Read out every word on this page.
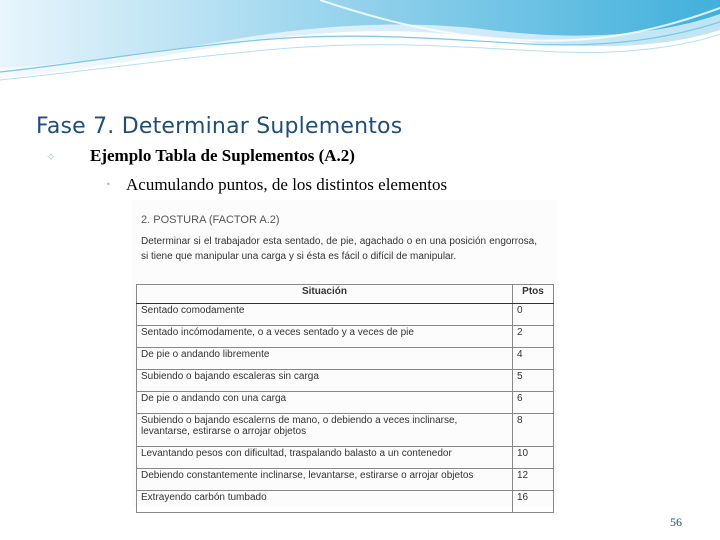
Fase 7. Determinar Suplementos
✧ Ejemplo Tabla de Suplementos (A.2)
• Acumulando puntos, de los distintos elementos
2. POSTURA (FACTOR A.2)
Determinar si el trabajador esta sentado, de pie, agachado o en una posición engorrosa, si tiene que manipular una carga y si ésta es fácil o difícil de manipular.
Situación	Ptos
Sentado comodamente	0
Sentado incómodamente, o a veces sentado y a veces de pie	2
De pie o andando libremente	4
Subiendo o bajando escaleras sin carga	5
De pie o andando con una carga	6
Subiendo o bajando escalerns de mano, o debiendo a veces inclinarse, levantarse, estirarse o arrojar objetos	8
Levantando pesos con dificultad, traspalando balasto a un contenedor	10
Debiendo constantemente inclinarse, levantarse, estirarse o arrojar objetos	12
Extrayendo carbón tumbado	16
56
